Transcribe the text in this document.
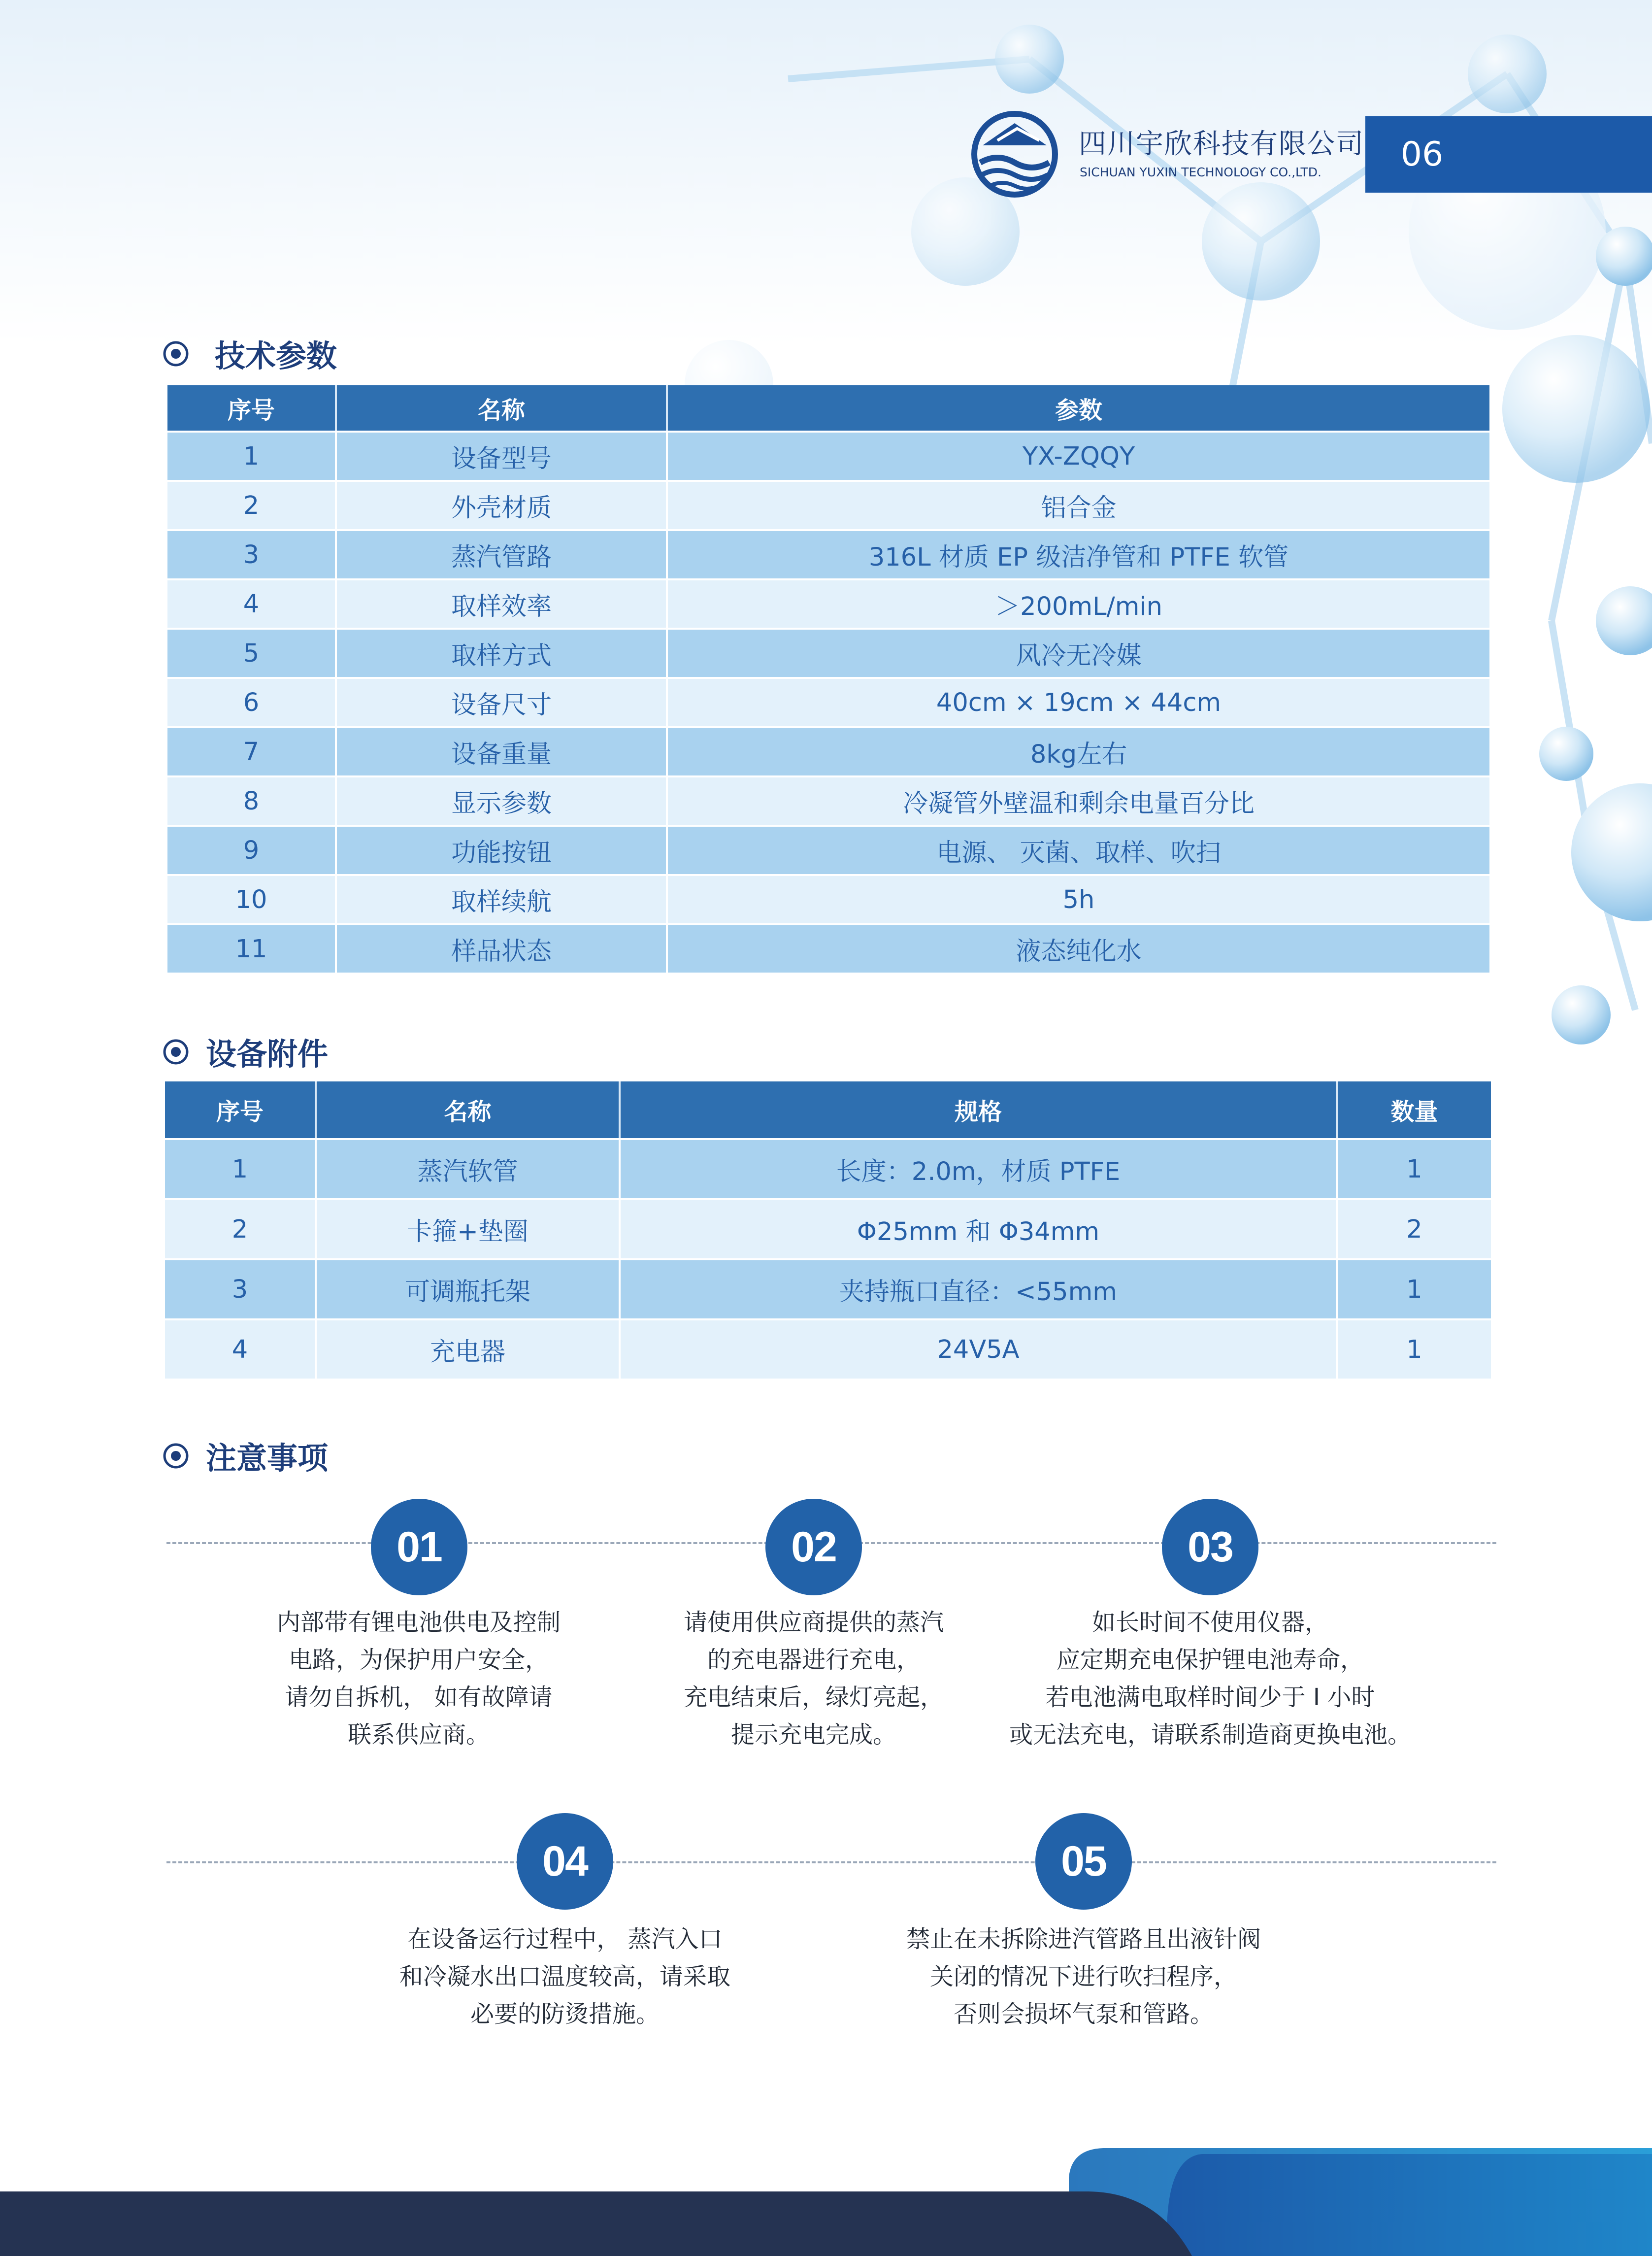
四川宇欣科技有限公司
SICHUAN YUXIN TECHNOLOGY CO.,LTD.	06
技术参数
序号	名称	参数
1	设备型号	YX-ZQQY
2	外壳材质	铝合金
3	蒸汽管路	316L 材质 EP 级洁净管和 PTFE 软管
4	取样效率	＞200mL/min
5	取样方式	风冷无冷媒
6	设备尺寸	40cm × 19cm × 44cm
7	设备重量	8kg左右
8	显示参数	冷凝管外壁温和剩余电量百分比
9	功能按钮	电源、 灭菌、取样、吹扫
10	取样续航	5h
11	样品状态	液态纯化水
设备附件
序号	名称	规格	数量
1	蒸汽软管	长度：2.0m，材质 PTFE	1
2	卡箍+垫圈	Φ25mm 和 Φ34mm	2
3	可调瓶托架	夹持瓶口直径：<55mm	1
4	充电器	24V5A	1
注意事项
01
内部带有锂电池供电及控制
电路，为保护用户安全，
请勿自拆机， 如有故障请
联系供应商。
02
请使用供应商提供的蒸汽
的充电器进行充电，
充电结束后，绿灯亮起，
提示充电完成。
03
如长时间不使用仪器，
应定期充电保护锂电池寿命，
若电池满电取样时间少于 I 小时
或无法充电，请联系制造商更换电池。
04
在设备运行过程中， 蒸汽入口
和冷凝水出口温度较高，请采取
必要的防烫措施。
05
禁止在未拆除进汽管路且出液针阀
关闭的情况下进行吹扫程序，
否则会损坏气泵和管路。
